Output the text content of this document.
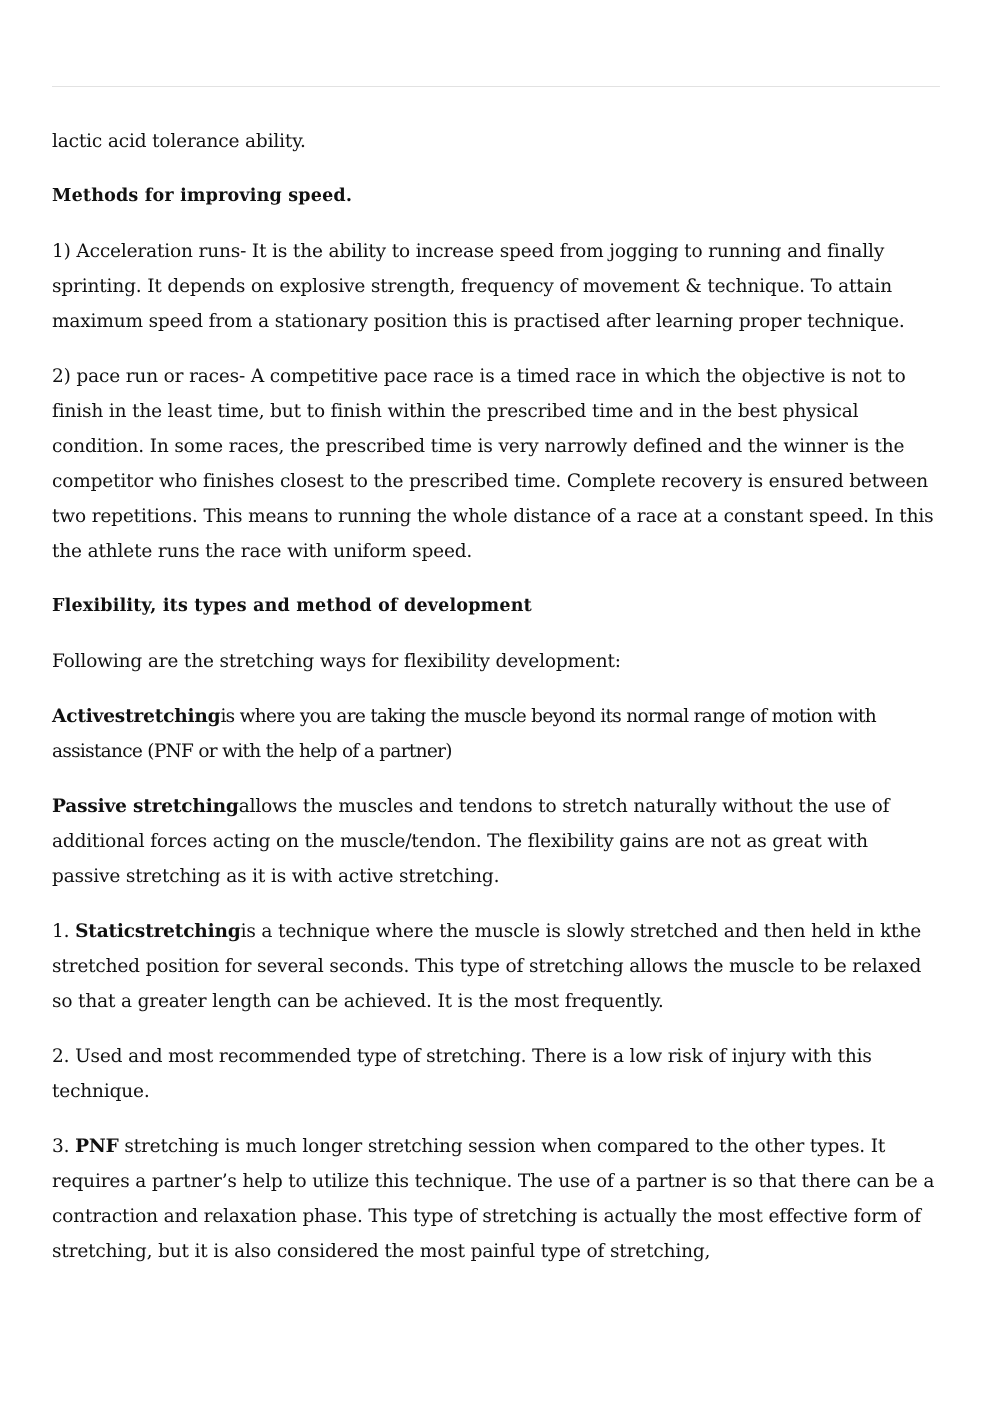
lactic acid tolerance ability.

Methods for improving speed.

1) Acceleration runs- It is the ability to increase speed from jogging to running and finally sprinting. It depends on explosive strength, frequency of movement & technique. To attain maximum speed from a stationary position this is practised after learning proper technique.

2) pace run or races- A competitive pace race is a timed race in which the objective is not to finish in the least time, but to finish within the prescribed time and in the best physical condition. In some races, the prescribed time is very narrowly defined and the winner is the competitor who finishes closest to the prescribed time. Complete recovery is ensured between two repetitions. This means to running the whole distance of a race at a constant speed. In this the athlete runs the race with uniform speed.

Flexibility, its types and method of development

Following are the stretching ways for flexibility development:

Activestretchingis where you are taking the muscle beyond its normal range of motion with assistance (PNF or with the help of a partner)

Passive stretchingallows the muscles and tendons to stretch naturally without the use of additional forces acting on the muscle/tendon. The flexibility gains are not as great with passive stretching as it is with active stretching.

1. Staticstretchingis a technique where the muscle is slowly stretched and then held in kthe stretched position for several seconds. This type of stretching allows the muscle to be relaxed so that a greater length can be achieved. It is the most frequently.

2. Used and most recommended type of stretching. There is a low risk of injury with this technique.

3. PNF stretching is much longer stretching session when compared to the other types. It requires a partner’s help to utilize this technique. The use of a partner is so that there can be a contraction and relaxation phase. This type of stretching is actually the most effective form of stretching, but it is also considered the most painful type of stretching,
